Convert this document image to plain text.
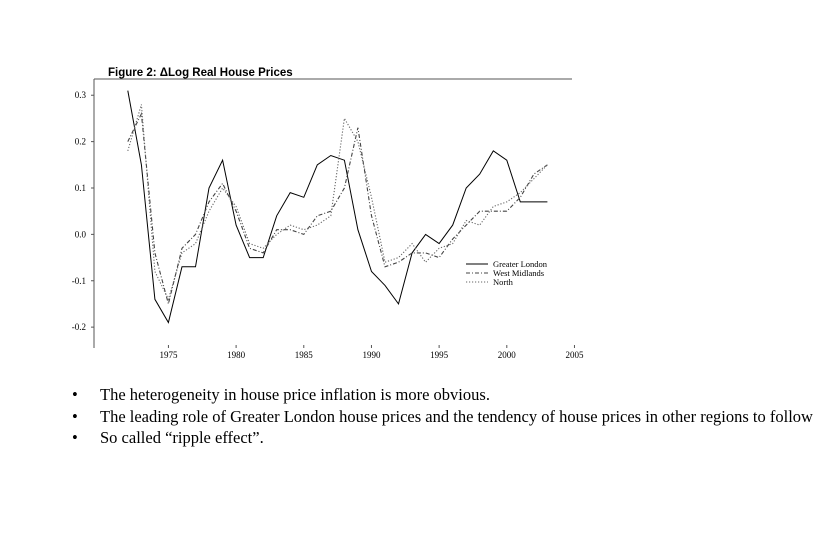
Figure 2: ΔLog Real House Prices
0.3
0.2
0.1
0.0
-0.1
-0.2
1975	1980	1985	1990	1995	2000	2005
Greater London
West Midlands
North
• The heterogeneity in house price inflation is more obvious.
• The leading role of Greater London house prices and the tendency of house prices in other regions to follow
• So called “ripple effect”.
